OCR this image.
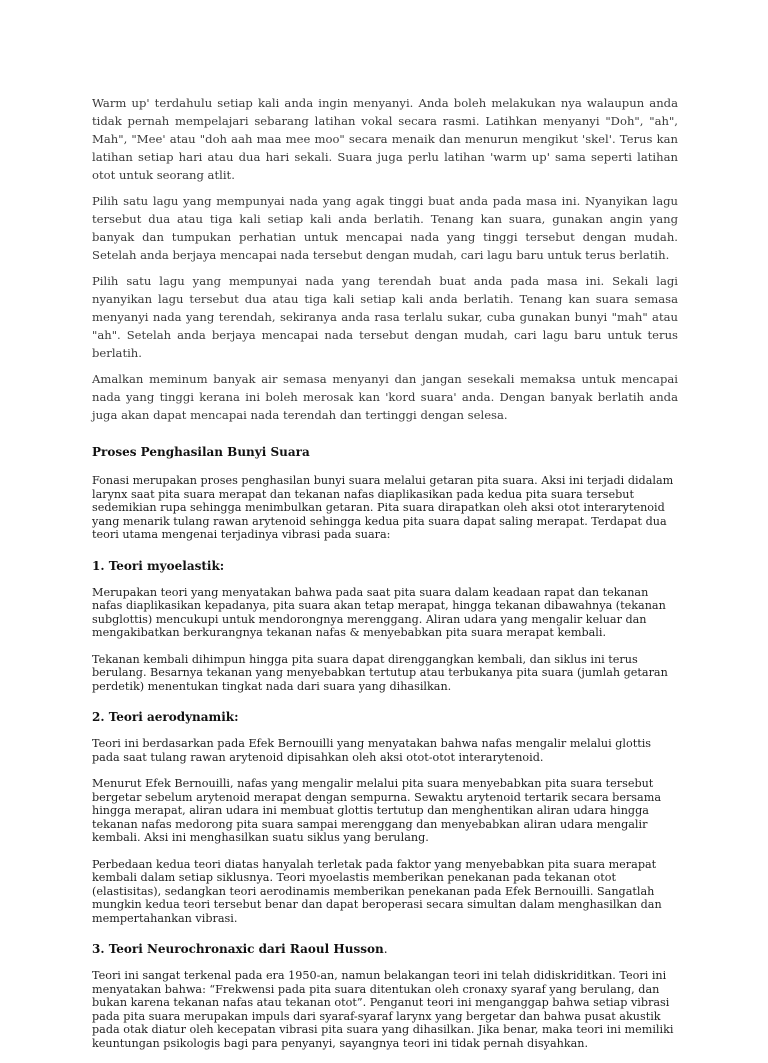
Warm up' terdahulu setiap kali anda ingin menyanyi. Anda boleh melakukan nya walaupun anda tidak pernah mempelajari sebarang latihan vokal secara rasmi. Latihkan menyanyi "Doh", "ah", Mah", "Mee' atau "doh aah maa mee moo" secara menaik dan menurun mengikut 'skel'. Terus kan latihan setiap hari atau dua hari sekali. Suara juga perlu latihan 'warm up' sama seperti latihan otot untuk seorang atlit.

Pilih satu lagu yang mempunyai nada yang agak tinggi buat anda pada masa ini. Nyanyikan lagu tersebut dua atau tiga kali setiap kali anda berlatih. Tenang kan suara, gunakan angin yang banyak dan tumpukan perhatian untuk mencapai nada yang tinggi tersebut dengan mudah. Setelah anda berjaya mencapai nada tersebut dengan mudah, cari lagu baru untuk terus berlatih.

Pilih satu lagu yang mempunyai nada yang terendah buat anda pada masa ini. Sekali lagi nyanyikan lagu tersebut dua atau tiga kali setiap kali anda berlatih. Tenang kan suara semasa menyanyi nada yang terendah, sekiranya anda rasa terlalu sukar, cuba gunakan bunyi "mah" atau "ah". Setelah anda berjaya mencapai nada tersebut dengan mudah, cari lagu baru untuk terus berlatih.

Amalkan meminum banyak air semasa menyanyi dan jangan sesekali memaksa untuk mencapai nada yang tinggi kerana ini boleh merosak kan 'kord suara' anda. Dengan banyak berlatih anda juga akan dapat mencapai nada terendah dan tertinggi dengan selesa.

Proses Penghasilan Bunyi Suara

Fonasi merupakan proses penghasilan bunyi suara melalui getaran pita suara. Aksi ini terjadi didalam larynx saat pita suara merapat dan tekanan nafas diaplikasikan pada kedua pita suara tersebut sedemikian rupa sehingga menimbulkan getaran. Pita suara dirapatkan oleh aksi otot interarytenoid yang menarik tulang rawan arytenoid sehingga kedua pita suara dapat saling merapat. Terdapat dua teori utama mengenai terjadinya vibrasi pada suara:

1. Teori myoelastik:

Merupakan teori yang menyatakan bahwa pada saat pita suara dalam keadaan rapat dan tekanan nafas diaplikasikan kepadanya, pita suara akan tetap merapat, hingga tekanan dibawahnya (tekanan subglottis) mencukupi untuk mendorongnya merenggang. Aliran udara yang mengalir keluar dan mengakibatkan berkurangnya tekanan nafas & menyebabkan pita suara merapat kembali.

Tekanan kembali dihimpun hingga pita suara dapat direnggangkan kembali, dan siklus ini terus berulang. Besarnya tekanan yang menyebabkan tertutup atau terbukanya pita suara (jumlah getaran perdetik) menentukan tingkat nada dari suara yang dihasilkan.

2. Teori aerodynamik:

Teori ini berdasarkan pada Efek Bernouilli yang menyatakan bahwa nafas mengalir melalui glottis pada saat tulang rawan arytenoid dipisahkan oleh aksi otot-otot interarytenoid.

Menurut Efek Bernouilli, nafas yang mengalir melalui pita suara menyebabkan pita suara tersebut bergetar sebelum arytenoid merapat dengan sempurna. Sewaktu arytenoid tertarik secara bersama hingga merapat, aliran udara ini membuat glottis tertutup dan menghentikan aliran udara hingga tekanan nafas medorong pita suara sampai merenggang dan menyebabkan aliran udara mengalir kembali. Aksi ini menghasilkan suatu siklus yang berulang.

Perbedaan kedua teori diatas hanyalah terletak pada faktor yang menyebabkan pita suara merapat kembali dalam setiap siklusnya. Teori myoelastis memberikan penekanan pada tekanan otot (elastisitas), sedangkan teori aerodinamis memberikan penekanan pada Efek Bernouilli. Sangatlah mungkin kedua teori tersebut benar dan dapat beroperasi secara simultan dalam menghasilkan dan mempertahankan vibrasi.

3. Teori Neurochronaxic dari Raoul Husson.

Teori ini sangat terkenal pada era 1950-an, namun belakangan teori ini telah didiskriditkan. Teori ini menyatakan bahwa: “Frekwensi pada pita suara ditentukan oleh cronaxy syaraf yang berulang, dan bukan karena tekanan nafas atau tekanan otot”. Penganut teori ini menganggap bahwa setiap vibrasi pada pita suara merupakan impuls dari syaraf-syaraf larynx yang bergetar dan bahwa pusat akustik pada otak diatur oleh kecepatan vibrasi pita suara yang dihasilkan. Jika benar, maka teori ini memiliki keuntungan psikologis bagi para penyanyi, sayangnya teori ini tidak pernah disyahkan.
